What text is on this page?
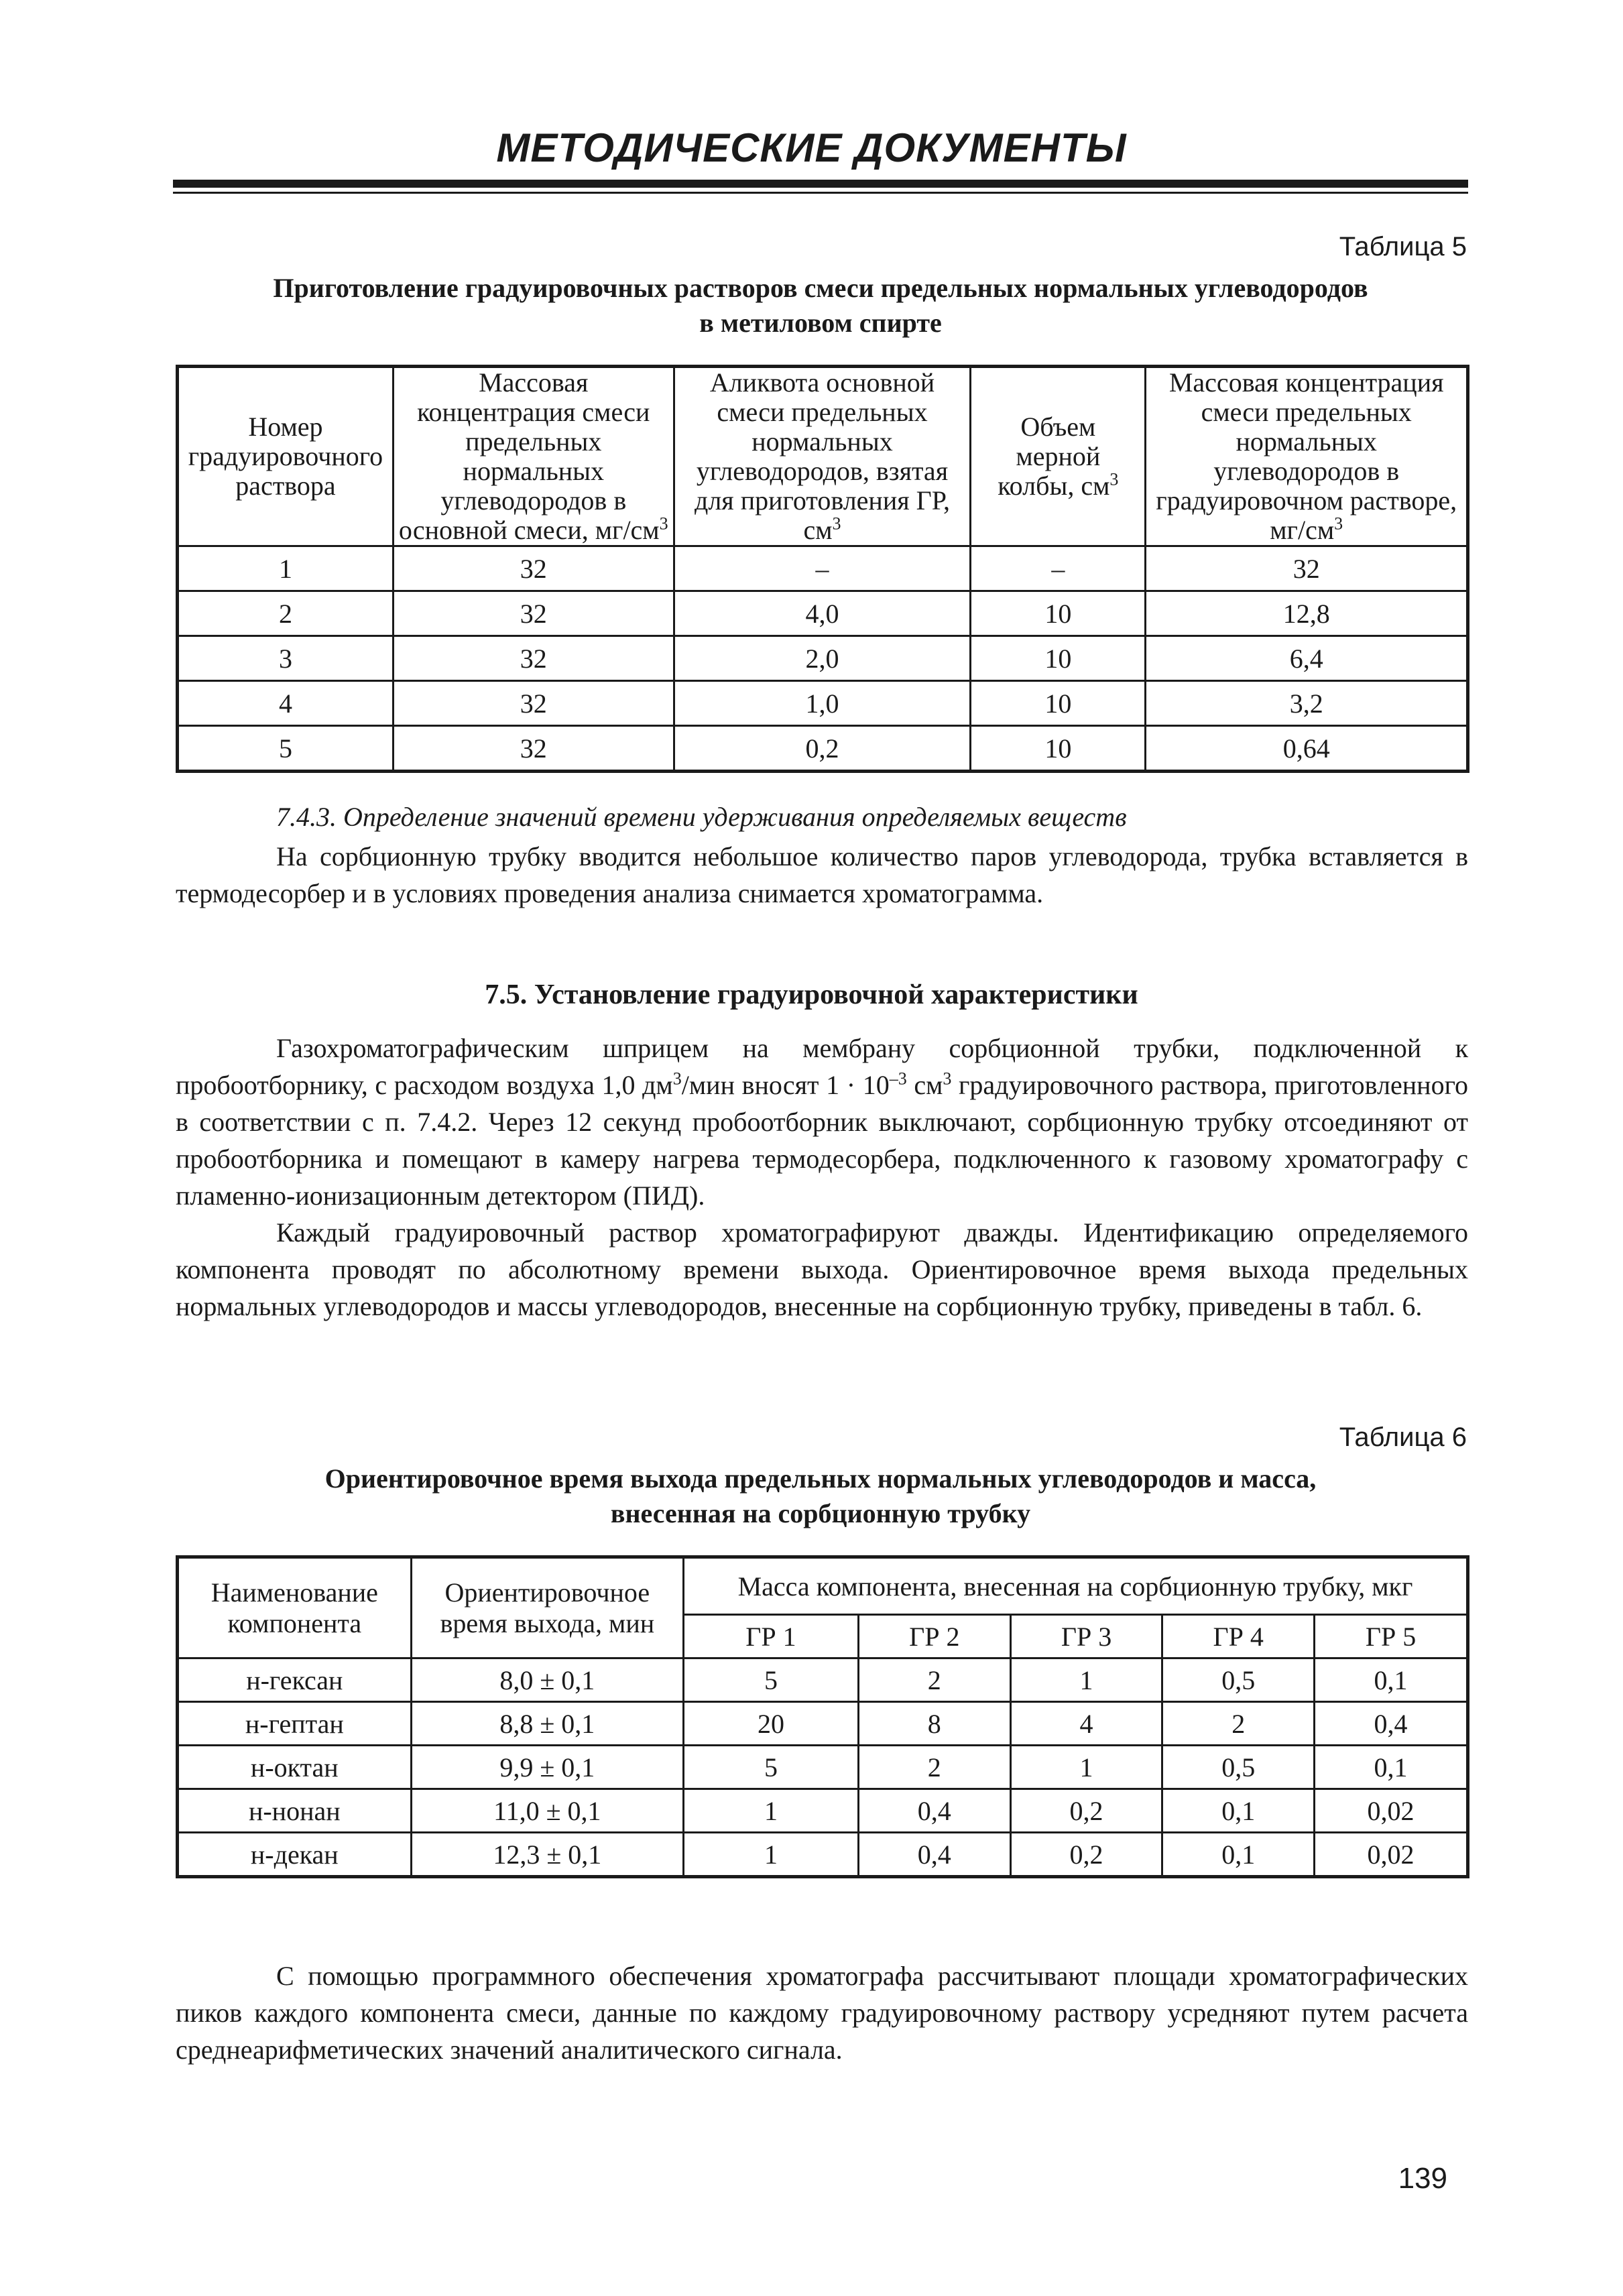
МЕТОДИЧЕСКИЕ ДОКУМЕНТЫ
Таблица 5
Приготовление градуировочных растворов смеси предельных нормальных углеводородов
в метиловом спирте
Номер градуировочного раствора	Массовая концентрация смеси предельных нормальных углеводородов в основной смеси, $мг/см^3$	Аликвота основной смеси предельных нормальных углеводородов, взятая для приготовления ГР, $см^3$	Объем мерной колбы, $см^3$	Массовая концентрация смеси предельных нормальных углеводородов в градуировочном растворе, $мг/см^3$
1	32	–	–	32
2	32	4,0	10	12,8
3	32	2,0	10	6,4
4	32	1,0	10	3,2
5	32	0,2	10	0,64
7.4.3. Определение значений времени удерживания определяемых веществ

На сорбционную трубку вводится небольшое количество паров углеводорода, трубка вставляется в термодесорбер и в условиях проведения анализа снимается хроматограмма.

7.5. Установление градуировочной характеристики

Газохроматографическим шприцем на мембрану сорбционной трубки, подключенной к пробоотборнику, с расходом воздуха 1,0 $дм^3$/мин вносят $1 \cdot 10^{-3}$ $см^3$ градуировочного раствора, приготовленного в соответствии с п. 7.4.2. Через 12 секунд пробоотборник выключают, сорбционную трубку отсоединяют от пробоотборника и помещают в камеру нагрева термодесорбера, подключенного к газовому хроматографу с пламенно-ионизационным детектором (ПИД).

Каждый градуировочный раствор хроматографируют дважды. Идентификацию определяемого компонента проводят по абсолютному времени выхода. Ориентировочное время выхода предельных нормальных углеводородов и массы углеводородов, внесенные на сорбционную трубку, приведены в табл. 6.

Таблица 6
Ориентировочное время выхода предельных нормальных углеводородов и масса,
внесенная на сорбционную трубку
Наименование компонента	Ориентировочное время выхода, мин	Масса компонента, внесенная на сорбционную трубку, мкг				
		ГР 1	ГР 2	ГР 3	ГР 4	ГР 5
н-гексан	8,0 ± 0,1	5	2	1	0,5	0,1
н-гептан	8,8 ± 0,1	20	8	4	2	0,4
н-октан	9,9 ± 0,1	5	2	1	0,5	0,1
н-нонан	11,0 ± 0,1	1	0,4	0,2	0,1	0,02
н-декан	12,3 ± 0,1	1	0,4	0,2	0,1	0,02

С помощью программного обеспечения хроматографа рассчитывают площади хроматографических пиков каждого компонента смеси, данные по каждому градуировочному раствору усредняют путем расчета среднеарифметических значений аналитического сигнала.

139
